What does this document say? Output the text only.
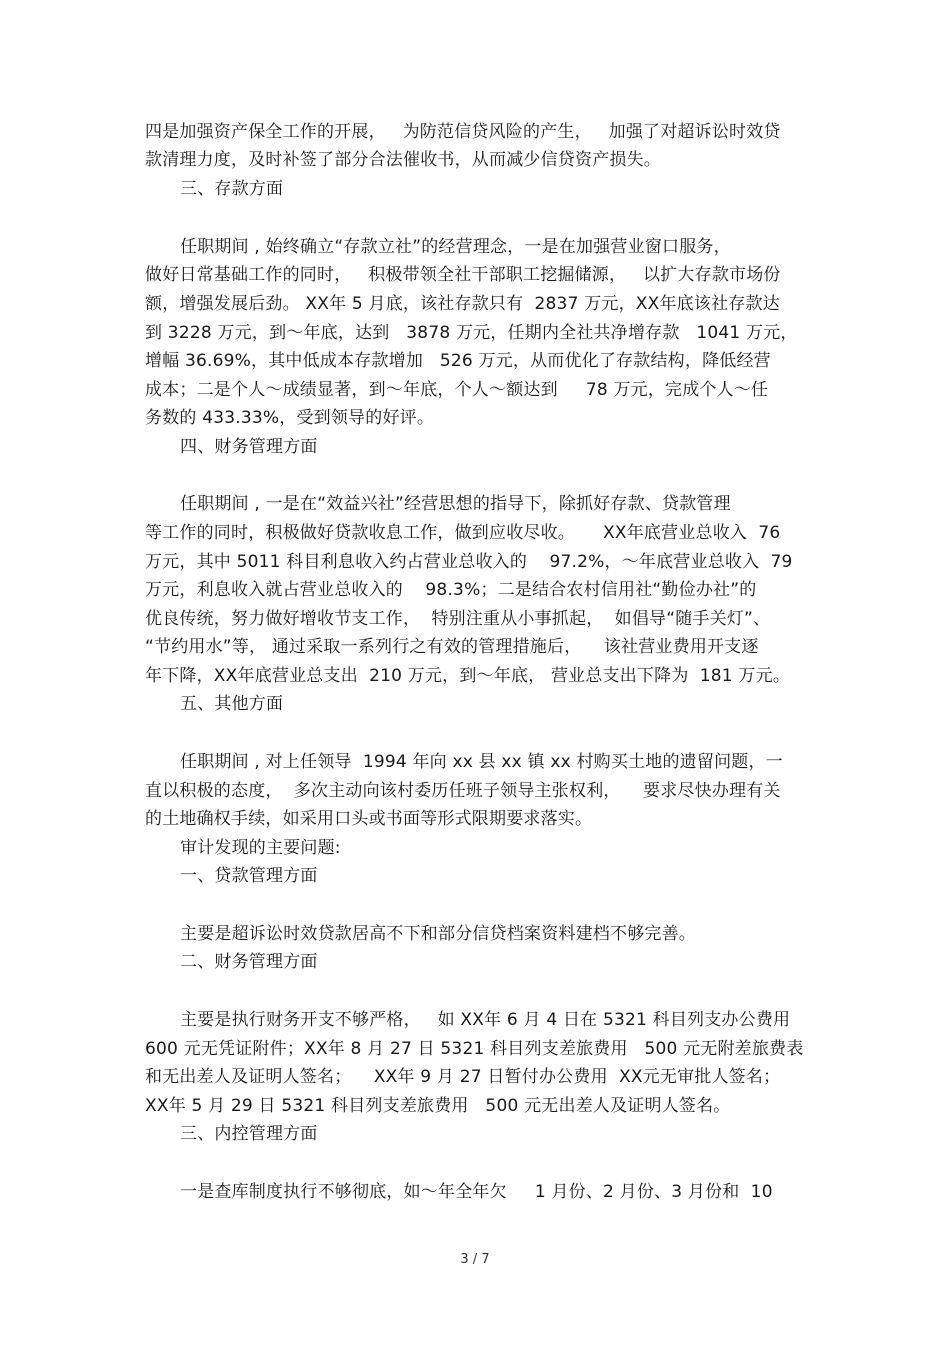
四是加强资产保全工作的开展，   为防范信贷风险的产生，   加强了对超诉讼时效贷
款清理力度，及时补签了部分合法催收书，从而减少信贷资产损失。
三、存款方面
任职期间 , 始终确立“存款立社”的经营理念，一是在加强营业窗口服务，
做好日常基础工作的同时，   积极带领全社干部职工挖掘储源，   以扩大存款市场份
额，增强发展后劲。 XX年 5 月底，该社存款只有  2837 万元，XX年底该社存款达
到 3228 万元，到～年底，达到   3878 万元，任期内全社共净增存款   1041 万元，
增幅 36.69%，其中低成本存款增加   526 万元，从而优化了存款结构，降低经营
成本；二是个人～成绩显著，到～年底，个人～额达到     78 万元，完成个人～任
务数的 433.33%，受到领导的好评。
四、财务管理方面
任职期间 , 一是在“效益兴社”经营思想的指导下，除抓好存款、贷款管理
等工作的同时，积极做好贷款收息工作，做到应收尽收。     XX年底营业总收入  76
万元，其中 5011 科目利息收入约占营业总收入的    97.2%，～年底营业总收入  79
万元，利息收入就占营业总收入的    98.3%；二是结合农村信用社“勤俭办社”的
优良传统，努力做好增收节支工作，  特别注重从小事抓起，  如倡导“随手关灯”、
“节约用水”等， 通过采取一系列行之有效的管理措施后，    该社营业费用开支逐
年下降，XX年底营业总支出  210 万元，到～年底， 营业总支出下降为  181 万元。
五、其他方面
任职期间 , 对上任领导  1994 年向 xx 县 xx 镇 xx 村购买土地的遗留问题，一
直以积极的态度，  多次主动向该村委历任班子领导主张权利，    要求尽快办理有关
的土地确权手续，如采用口头或书面等形式限期要求落实。
审计发现的主要问题:
一、贷款管理方面
主要是超诉讼时效贷款居高不下和部分信贷档案资料建档不够完善。
二、财务管理方面
主要是执行财务开支不够严格，   如 XX年 6 月 4 日在 5321 科目列支办公费用
600 元无凭证附件；XX年 8 月 27 日 5321 科目列支差旅费用   500 元无附差旅费表
和无出差人及证明人签名；    XX年 9 月 27 日暂付办公费用  XX元无审批人签名；
XX年 5 月 29 日 5321 科目列支差旅费用   500 元无出差人及证明人签名。
三、内控管理方面
一是查库制度执行不够彻底，如～年全年欠     1 月份、2 月份、3 月份和  10
3 / 7
